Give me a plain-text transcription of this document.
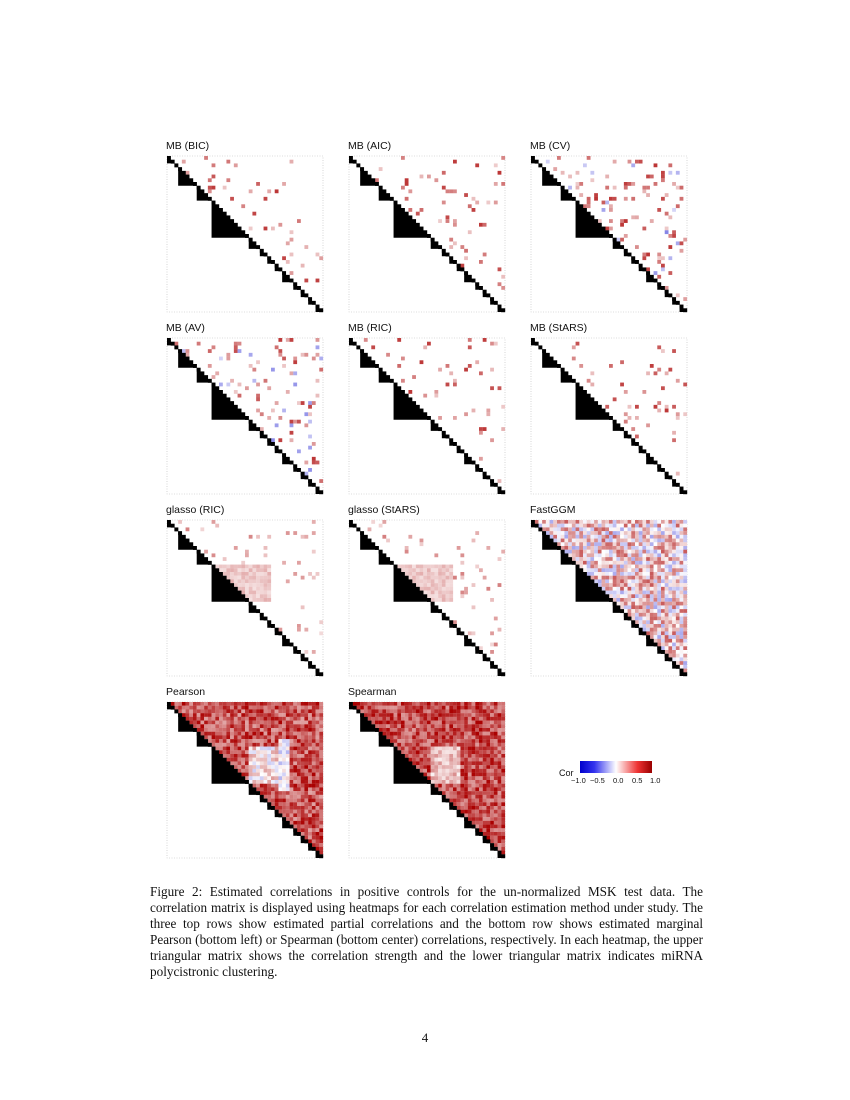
MB (BIC)	MB (AIC)	MB (CV)
MB (AV)	MB (RIC)	MB (StARS)
glasso (RIC)	glasso (StARS)	FastGGM
Pearson	Spearman
Cor
−1.0 −0.5 0.0 0.5 1.0

Figure 2: Estimated correlations in positive controls for the un-normalized MSK test data. The correlation matrix is displayed using heatmaps for each correlation estimation method under study. The three top rows show estimated partial correlations and the bottom row shows estimated marginal Pearson (bottom left) or Spearman (bottom center) correlations, respectively. In each heatmap, the upper triangular matrix shows the correlation strength and the lower triangular matrix indicates miRNA polycistronic clustering.

4
